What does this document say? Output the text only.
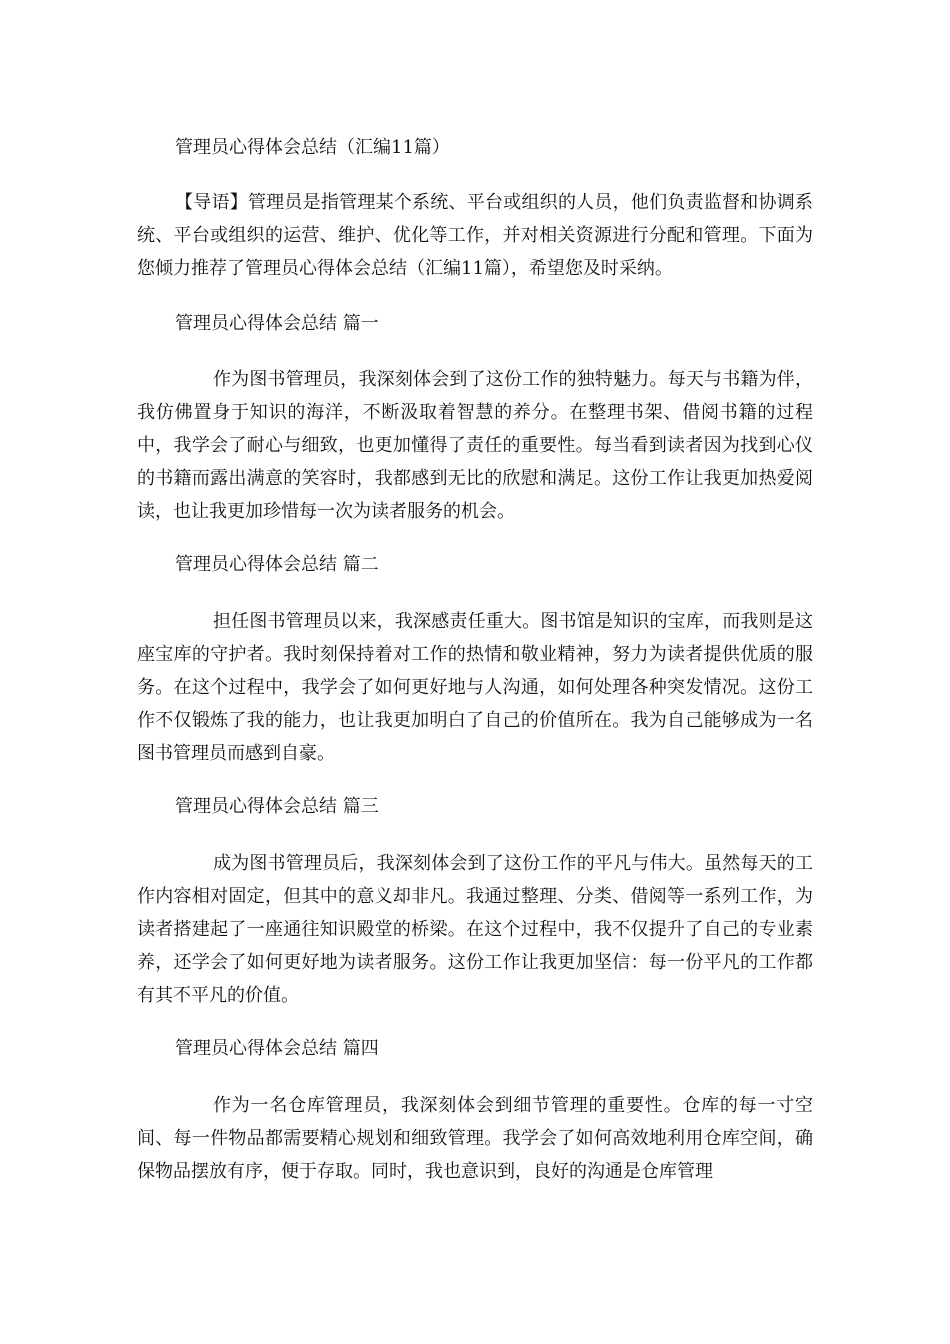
管理员心得体会总结（汇编11篇）

【导语】管理员是指管理某个系统、平台或组织的人员，他们负责监督和协调系统、平台或组织的运营、维护、优化等工作，并对相关资源进行分配和管理。下面为您倾力推荐了管理员心得体会总结（汇编11篇），希望您及时采纳。

管理员心得体会总结 篇一

作为图书管理员，我深刻体会到了这份工作的独特魅力。每天与书籍为伴，我仿佛置身于知识的海洋，不断汲取着智慧的养分。在整理书架、借阅书籍的过程中，我学会了耐心与细致，也更加懂得了责任的重要性。每当看到读者因为找到心仪的书籍而露出满意的笑容时，我都感到无比的欣慰和满足。这份工作让我更加热爱阅读，也让我更加珍惜每一次为读者服务的机会。

管理员心得体会总结 篇二

担任图书管理员以来，我深感责任重大。图书馆是知识的宝库，而我则是这座宝库的守护者。我时刻保持着对工作的热情和敬业精神，努力为读者提供优质的服务。在这个过程中，我学会了如何更好地与人沟通，如何处理各种突发情况。这份工作不仅锻炼了我的能力，也让我更加明白了自己的价值所在。我为自己能够成为一名图书管理员而感到自豪。

管理员心得体会总结 篇三

成为图书管理员后，我深刻体会到了这份工作的平凡与伟大。虽然每天的工作内容相对固定，但其中的意义却非凡。我通过整理、分类、借阅等一系列工作，为读者搭建起了一座通往知识殿堂的桥梁。在这个过程中，我不仅提升了自己的专业素养，还学会了如何更好地为读者服务。这份工作让我更加坚信：每一份平凡的工作都有其不平凡的价值。

管理员心得体会总结 篇四

作为一名仓库管理员，我深刻体会到细节管理的重要性。仓库的每一寸空间、每一件物品都需要精心规划和细致管理。我学会了如何高效地利用仓库空间，确保物品摆放有序，便于存取。同时，我也意识到，良好的沟通是仓库管理
